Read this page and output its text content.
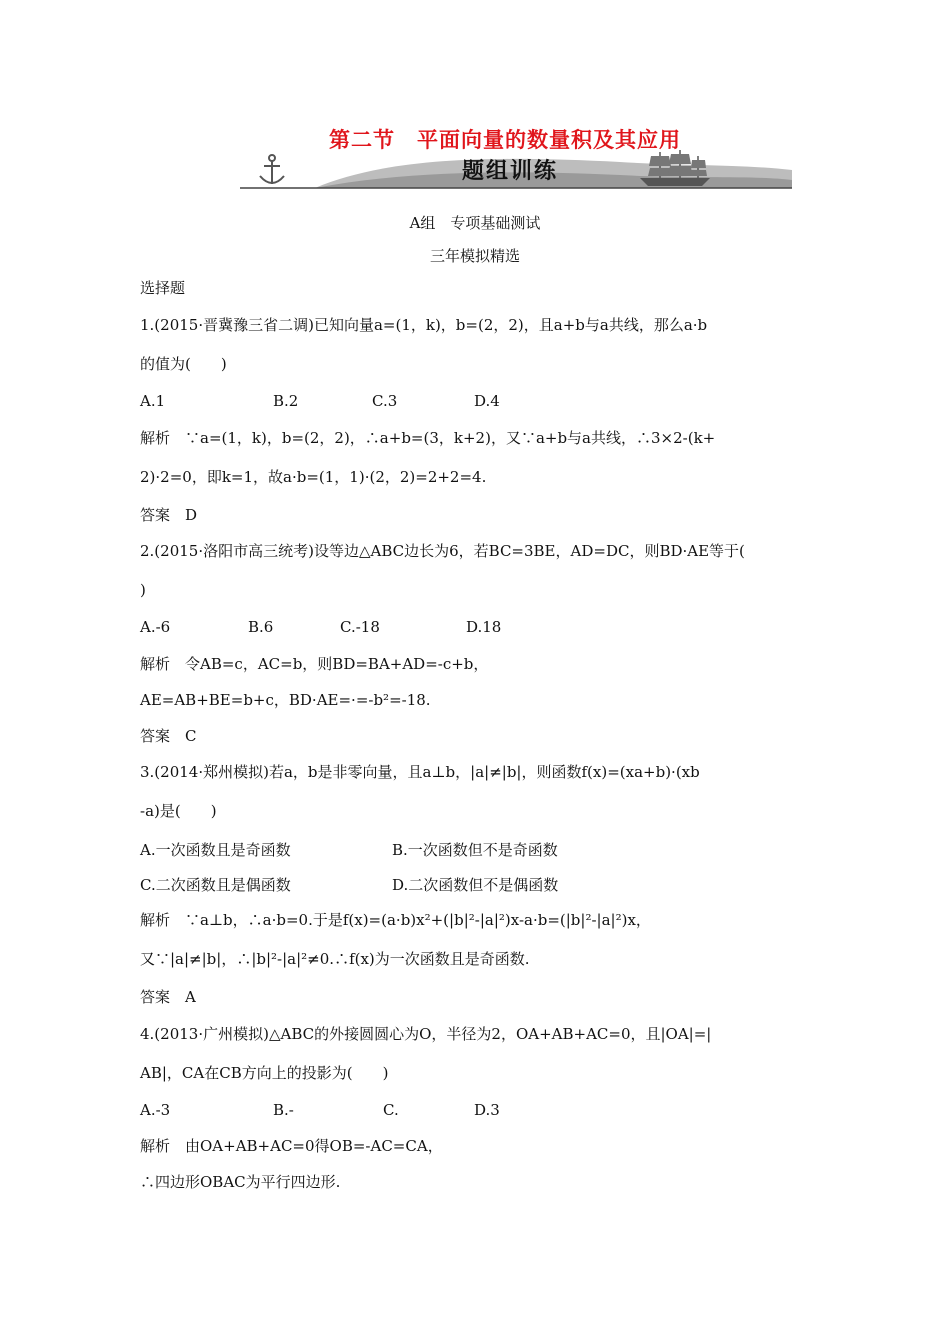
第二节　平面向量的数量积及其应用
题组训练
A组　专项基础测试
三年模拟精选
选择题
1.(2015·晋冀豫三省二调)已知向量a=(1，k)，b=(2，2)，且a+b与a共线，那么a·b
的值为(　　)
A.1	B.2	C.3	D.4
解析　∵a=(1，k)，b=(2，2)，∴a+b=(3，k+2)，又∵a+b与a共线，∴3×2-(k+
2)·2=0，即k=1，故a·b=(1，1)·(2，2)=2+2=4.
答案　D
2.(2015·洛阳市高三统考)设等边△ABC边长为6，若BC=3BE，AD=DC，则BD·AE等于(
)
A.-6	B.6	C.-18	D.18
解析　令AB=c，AC=b，则BD=BA+AD=-c+b，
AE=AB+BE=b+c，BD·AE=·=-b²=-18.
答案　C
3.(2014·郑州模拟)若a，b是非零向量，且a⊥b，|a|≠|b|，则函数f(x)=(xa+b)·(xb
-a)是(　　)
A.一次函数且是奇函数	B.一次函数但不是奇函数
C.二次函数且是偶函数	D.二次函数但不是偶函数
解析　∵a⊥b，∴a·b=0.于是f(x)=(a·b)x²+(|b|²-|a|²)x-a·b=(|b|²-|a|²)x，
又∵|a|≠|b|，∴|b|²-|a|²≠0.∴f(x)为一次函数且是奇函数.
答案　A
4.(2013·广州模拟)△ABC的外接圆圆心为O，半径为2，OA+AB+AC=0，且|OA|=|
AB|，CA在CB方向上的投影为(　　)
A.-3	B.-	C.	D.3
解析　由OA+AB+AC=0得OB=-AC=CA，
∴四边形OBAC为平行四边形.
